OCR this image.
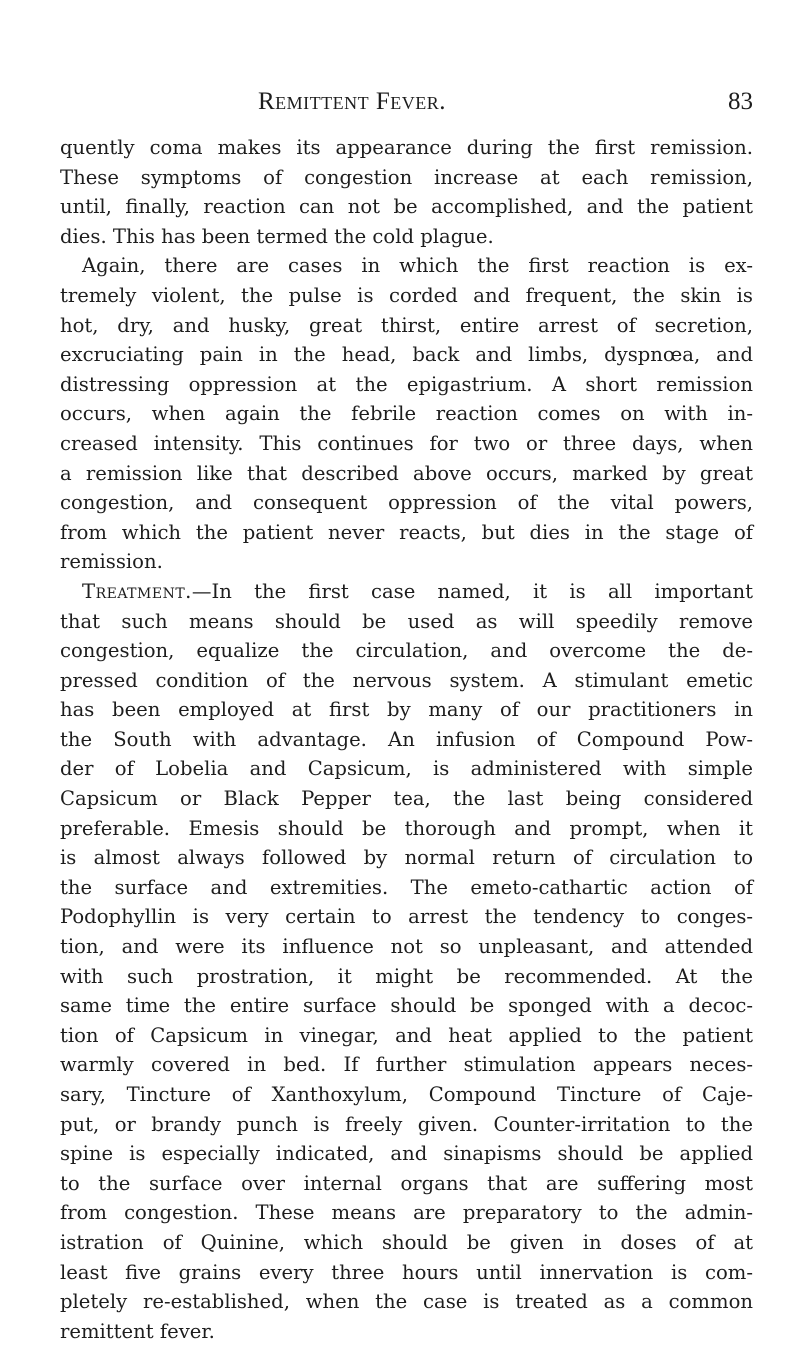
Remittent Fever.	83
quently coma makes its appearance during the first remission.
These symptoms of congestion increase at each remission,
until, finally, reaction can not be accomplished, and the patient
dies. This has been termed the cold plague.
Again, there are cases in which the first reaction is ex-
tremely violent, the pulse is corded and frequent, the skin is
hot, dry, and husky, great thirst, entire arrest of secretion,
excruciating pain in the head, back and limbs, dyspnœa, and
distressing oppression at the epigastrium. A short remission
occurs, when again the febrile reaction comes on with in-
creased intensity. This continues for two or three days, when
a remission like that described above occurs, marked by great
congestion, and consequent oppression of the vital powers,
from which the patient never reacts, but dies in the stage of
remission.
Treatment.—In the first case named, it is all important
that such means should be used as will speedily remove
congestion, equalize the circulation, and overcome the de-
pressed condition of the nervous system. A stimulant emetic
has been employed at first by many of our practitioners in
the South with advantage. An infusion of Compound Pow-
der of Lobelia and Capsicum, is administered with simple
Capsicum or Black Pepper tea, the last being considered
preferable. Emesis should be thorough and prompt, when it
is almost always followed by normal return of circulation to
the surface and extremities. The emeto-cathartic action of
Podophyllin is very certain to arrest the tendency to conges-
tion, and were its influence not so unpleasant, and attended
with such prostration, it might be recommended. At the
same time the entire surface should be sponged with a decoc-
tion of Capsicum in vinegar, and heat applied to the patient
warmly covered in bed. If further stimulation appears neces-
sary, Tincture of Xanthoxylum, Compound Tincture of Caje-
put, or brandy punch is freely given. Counter-irritation to the
spine is especially indicated, and sinapisms should be applied
to the surface over internal organs that are suffering most
from congestion. These means are preparatory to the admin-
istration of Quinine, which should be given in doses of at
least five grains every three hours until innervation is com-
pletely re-established, when the case is treated as a common
remittent fever.
